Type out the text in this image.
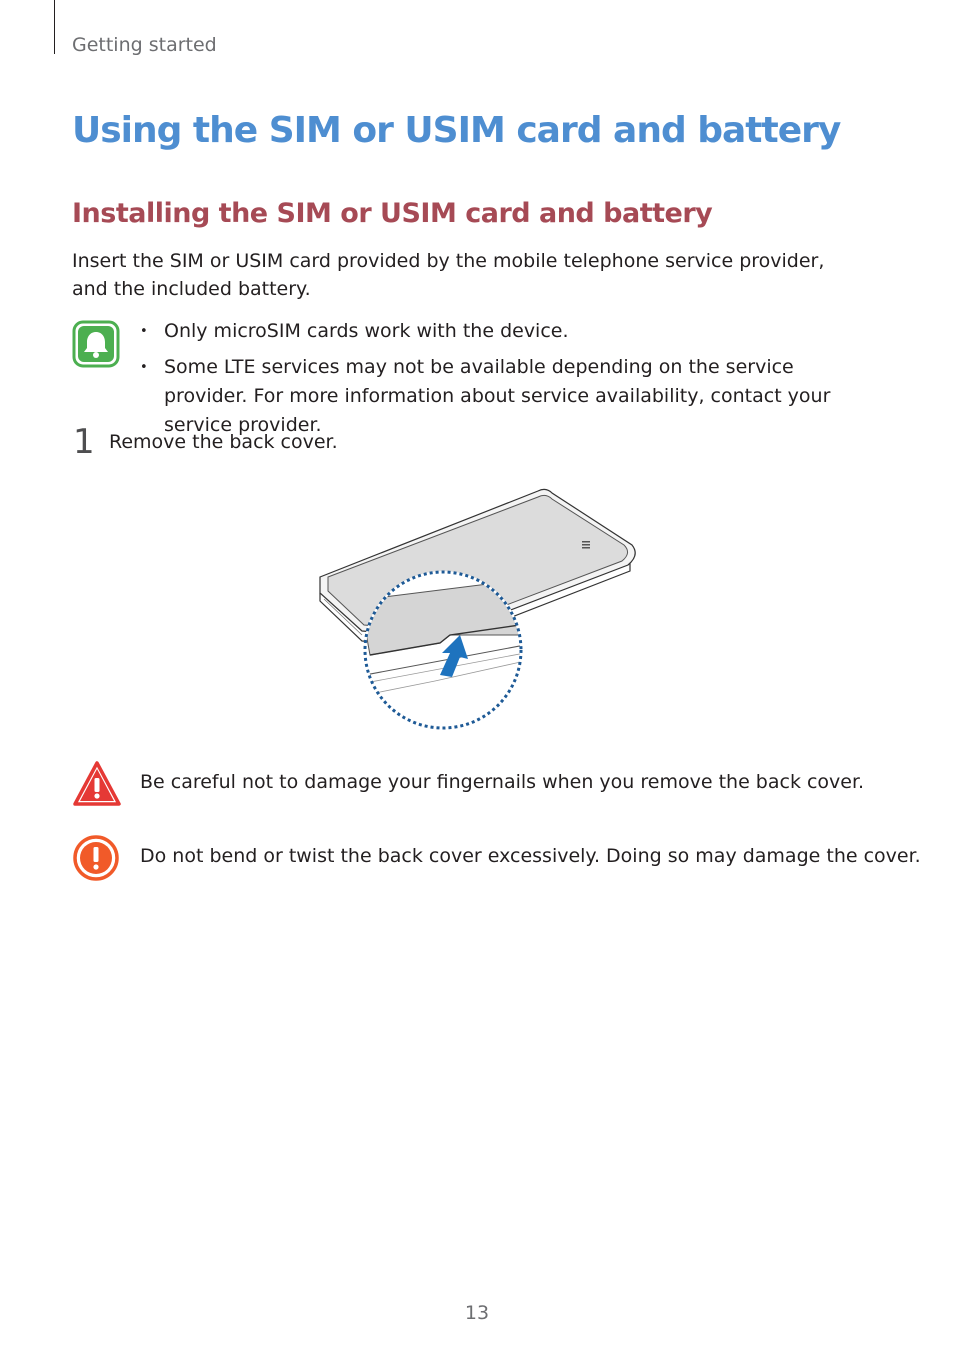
Getting started
Using the SIM or USIM card and battery
Installing the SIM or USIM card and battery

Insert the SIM or USIM card provided by the mobile telephone service provider, and the included battery.

• Only microSIM cards work with the device.
• Some LTE services may not be available depending on the service provider. For more information about service availability, contact your service provider.
1 Remove the back cover.
Be careful not to damage your fingernails when you remove the back cover.
Do not bend or twist the back cover excessively. Doing so may damage the cover.
13
